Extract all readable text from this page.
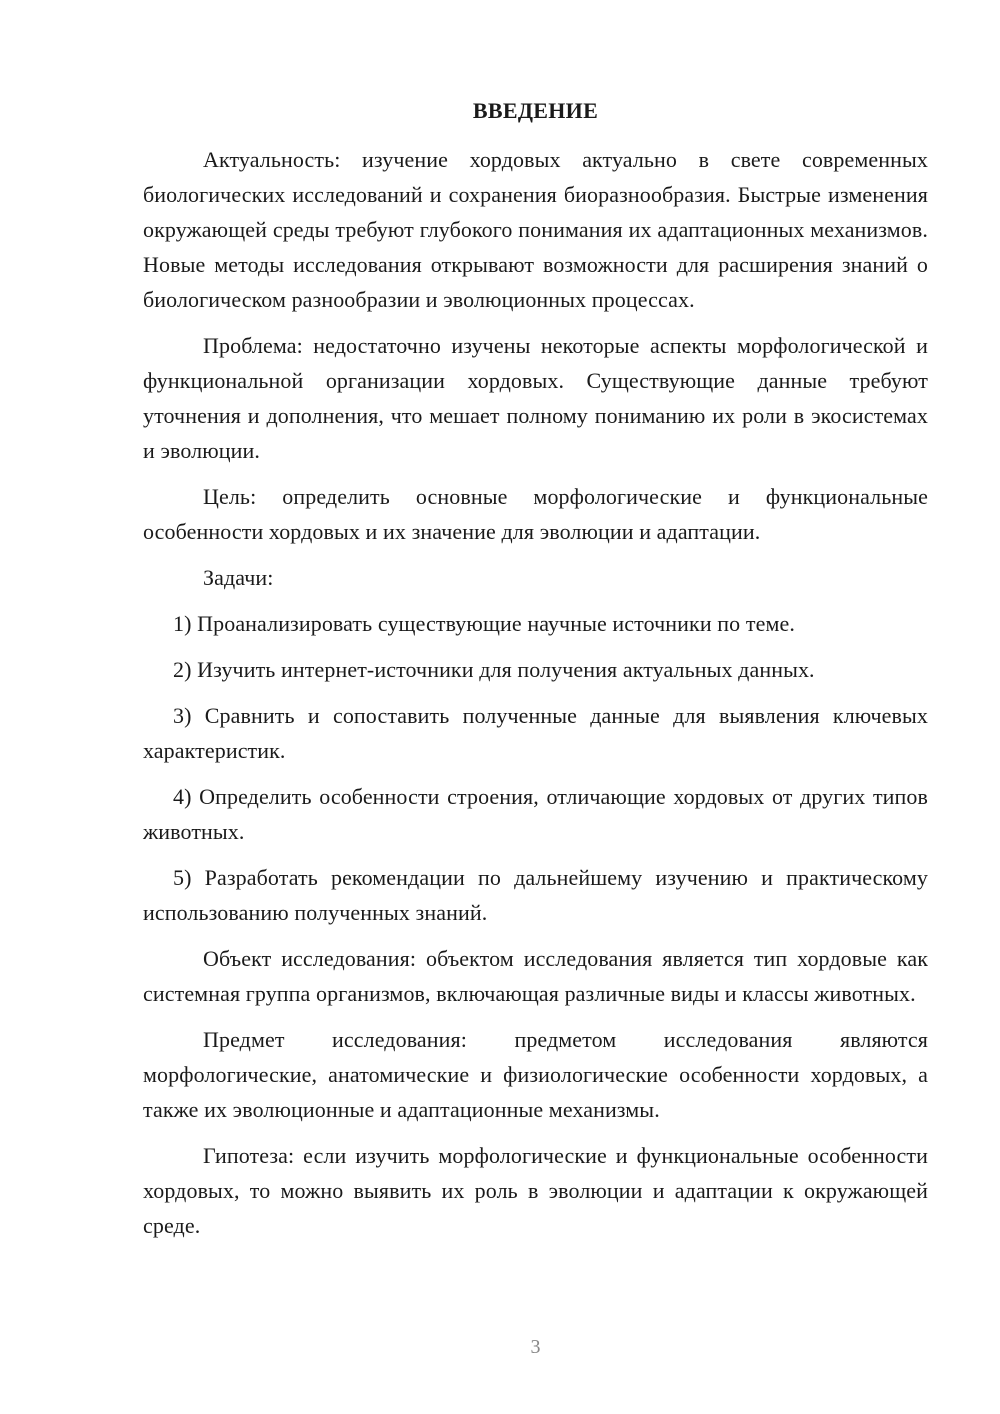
ВВЕДЕНИЕ

Актуальность: изучение хордовых актуально в свете современных биологических исследований и сохранения биоразнообразия. Быстрые изменения окружающей среды требуют глубокого понимания их адаптационных механизмов. Новые методы исследования открывают возможности для расширения знаний о биологическом разнообразии и эволюционных процессах.

Проблема: недостаточно изучены некоторые аспекты морфологической и функциональной организации хордовых. Существующие данные требуют уточнения и дополнения, что мешает полному пониманию их роли в экосистемах и эволюции.

Цель: определить основные морфологические и функциональные особенности хордовых и их значение для эволюции и адаптации.

Задачи:

1) Проанализировать существующие научные источники по теме.

2) Изучить интернет-источники для получения актуальных данных.

3) Сравнить и сопоставить полученные данные для выявления ключевых характеристик.

4) Определить особенности строения, отличающие хордовых от других типов животных.

5) Разработать рекомендации по дальнейшему изучению и практическому использованию полученных знаний.

Объект исследования: объектом исследования является тип хордовые как системная группа организмов, включающая различные виды и классы животных.

Предмет исследования: предметом исследования являются морфологические, анатомические и физиологические особенности хордовых, а также их эволюционные и адаптационные механизмы.

Гипотеза: если изучить морфологические и функциональные особенности хордовых, то можно выявить их роль в эволюции и адаптации к окружающей среде.

3
